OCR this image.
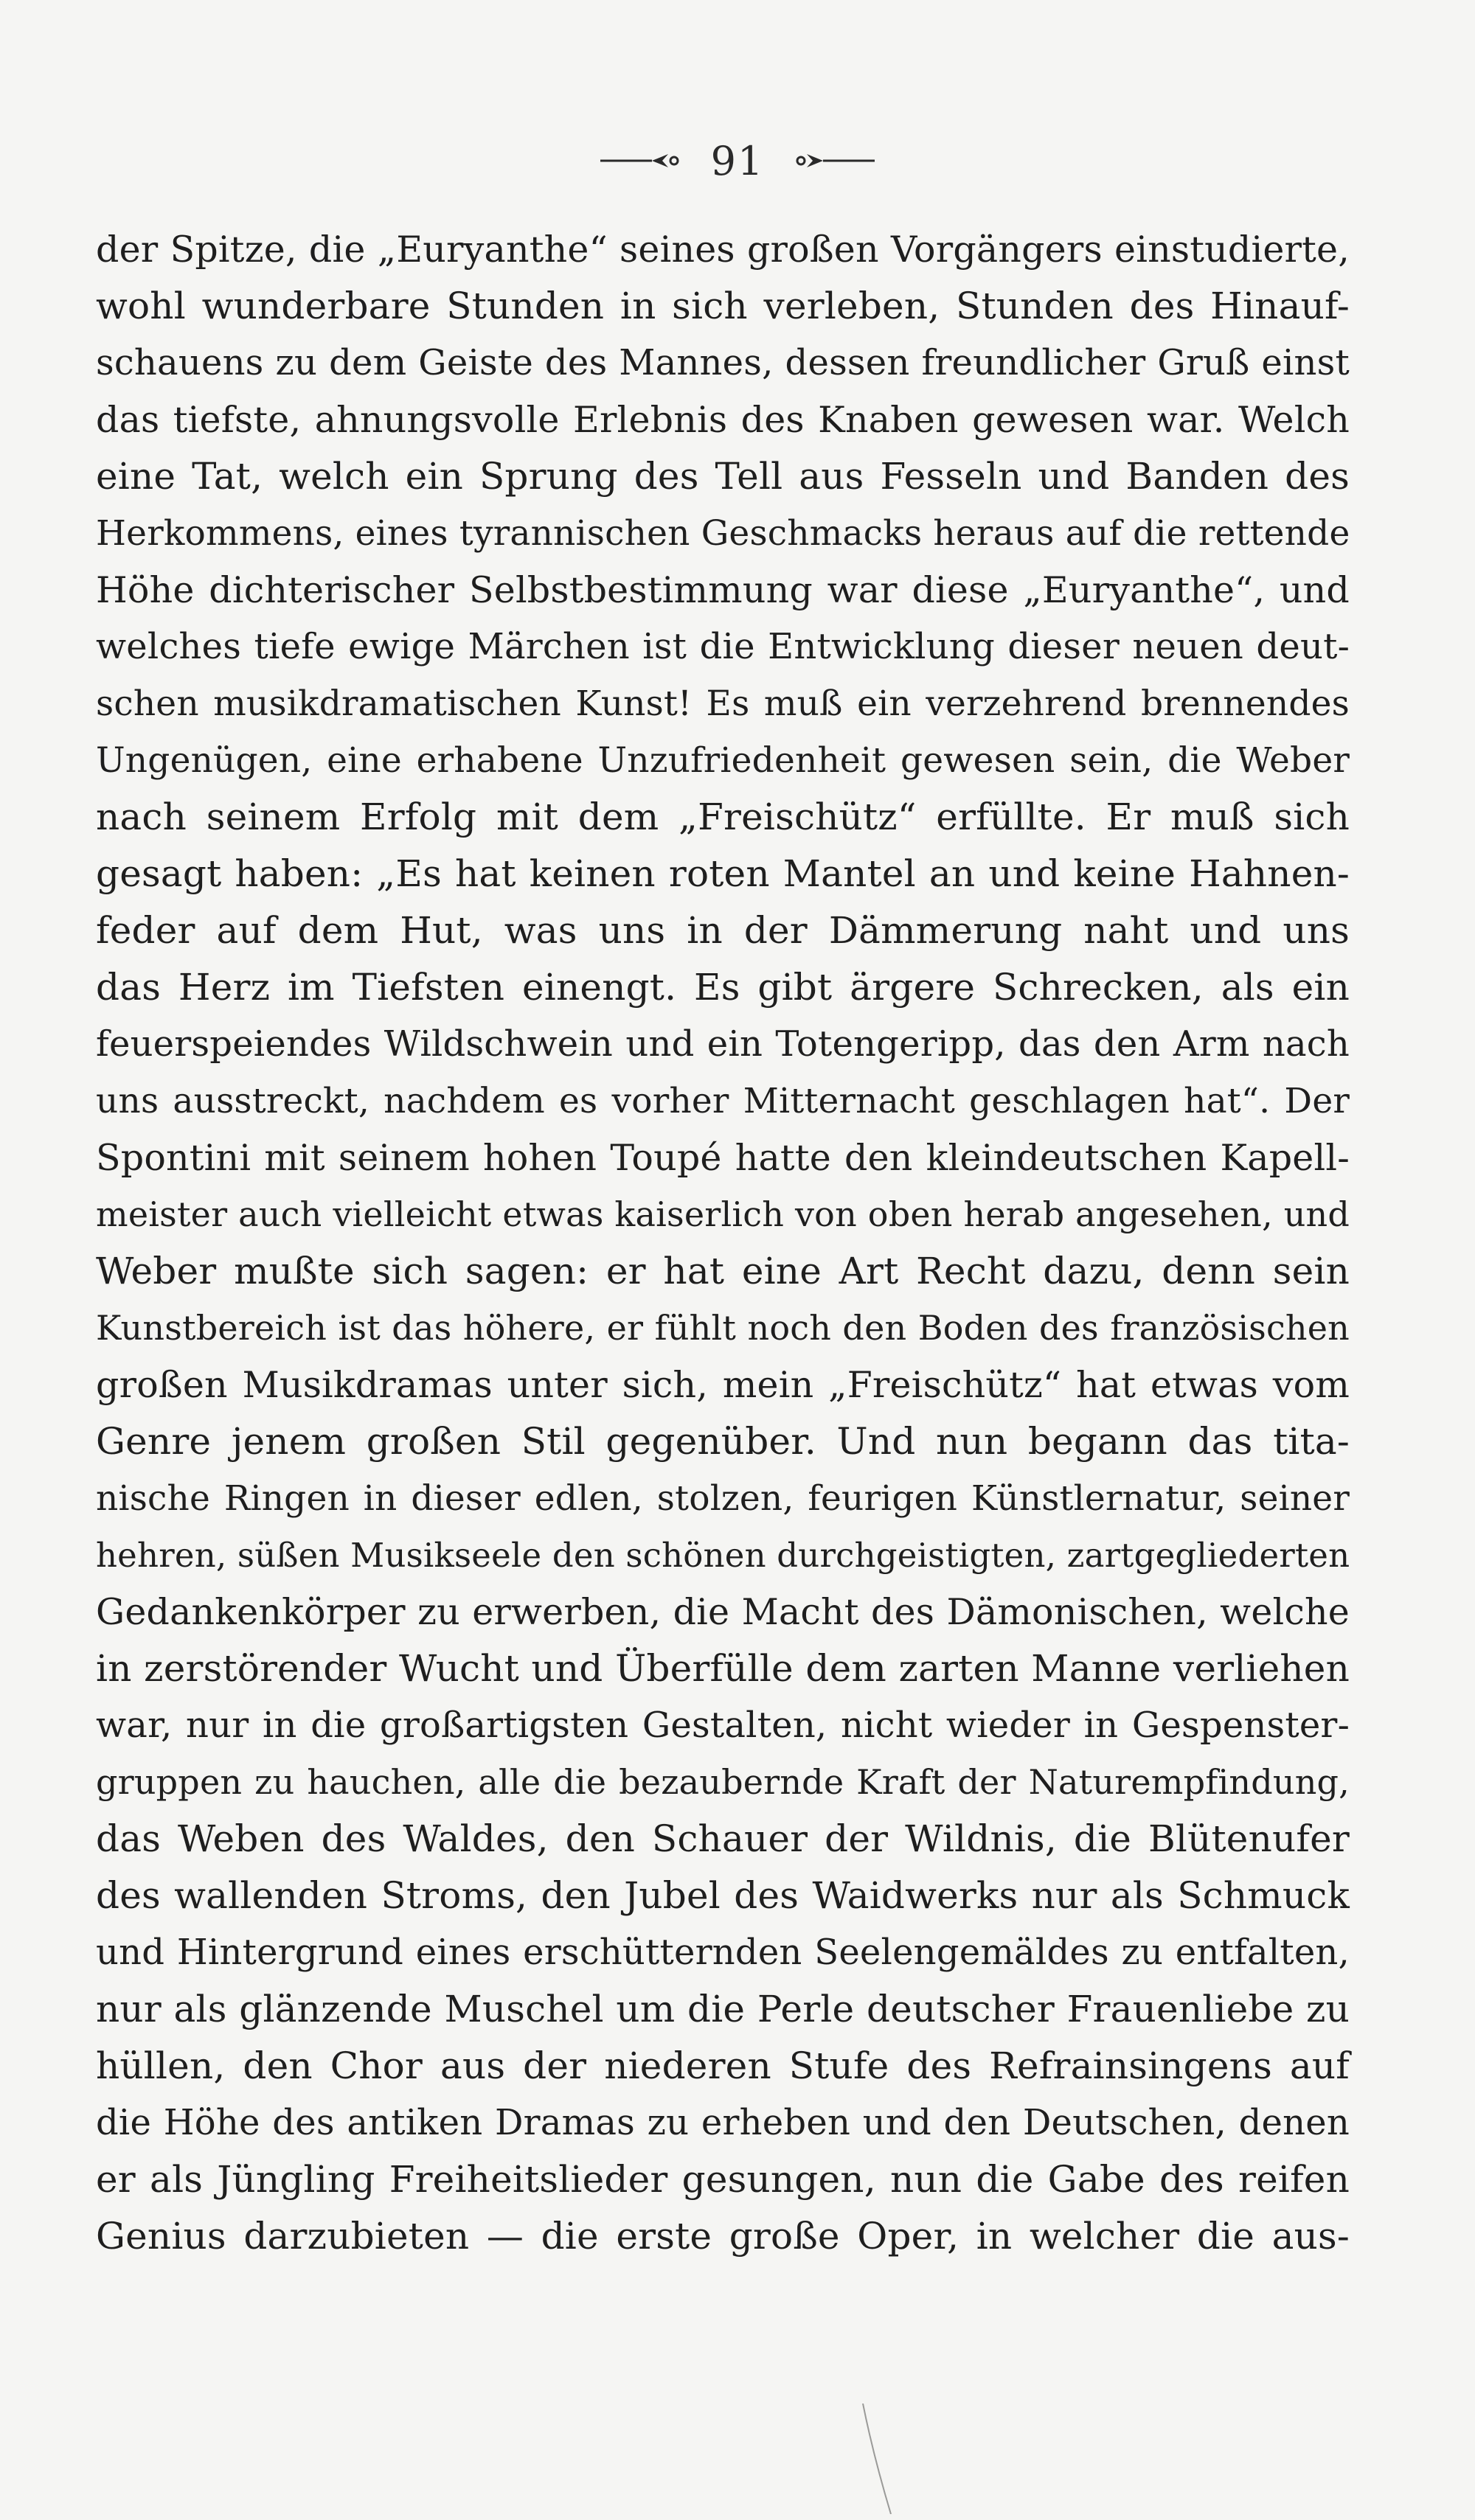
91
der Spitze, die „Euryanthe“ seines großen Vorgängers einstudierte,
wohl wunderbare Stunden in sich verleben, Stunden des Hinauf-
schauens zu dem Geiste des Mannes, dessen freundlicher Gruß einst
das tiefste, ahnungsvolle Erlebnis des Knaben gewesen war. Welch
eine Tat, welch ein Sprung des Tell aus Fesseln und Banden des
Herkommens, eines tyrannischen Geschmacks heraus auf die rettende
Höhe dichterischer Selbstbestimmung war diese „Euryanthe“, und
welches tiefe ewige Märchen ist die Entwicklung dieser neuen deut-
schen musikdramatischen Kunst! Es muß ein verzehrend brennendes
Ungenügen, eine erhabene Unzufriedenheit gewesen sein, die Weber
nach seinem Erfolg mit dem „Freischütz“ erfüllte. Er muß sich
gesagt haben: „Es hat keinen roten Mantel an und keine Hahnen-
feder auf dem Hut, was uns in der Dämmerung naht und uns
das Herz im Tiefsten einengt. Es gibt ärgere Schrecken, als ein
feuerspeiendes Wildschwein und ein Totengeripp, das den Arm nach
uns ausstreckt, nachdem es vorher Mitternacht geschlagen hat“. Der
Spontini mit seinem hohen Toupé hatte den kleindeutschen Kapell-
meister auch vielleicht etwas kaiserlich von oben herab angesehen, und
Weber mußte sich sagen: er hat eine Art Recht dazu, denn sein
Kunstbereich ist das höhere, er fühlt noch den Boden des französischen
großen Musikdramas unter sich, mein „Freischütz“ hat etwas vom
Genre jenem großen Stil gegenüber. Und nun begann das tita-
nische Ringen in dieser edlen, stolzen, feurigen Künstlernatur, seiner
hehren, süßen Musikseele den schönen durchgeistigten, zartgegliederten
Gedankenkörper zu erwerben, die Macht des Dämonischen, welche
in zerstörender Wucht und Überfülle dem zarten Manne verliehen
war, nur in die großartigsten Gestalten, nicht wieder in Gespenster-
gruppen zu hauchen, alle die bezaubernde Kraft der Naturempfindung,
das Weben des Waldes, den Schauer der Wildnis, die Blütenufer
des wallenden Stroms, den Jubel des Waidwerks nur als Schmuck
und Hintergrund eines erschütternden Seelengemäldes zu entfalten,
nur als glänzende Muschel um die Perle deutscher Frauenliebe zu
hüllen, den Chor aus der niederen Stufe des Refrainsingens auf
die Höhe des antiken Dramas zu erheben und den Deutschen, denen
er als Jüngling Freiheitslieder gesungen, nun die Gabe des reifen
Genius darzubieten — die erste große Oper, in welcher die aus-
